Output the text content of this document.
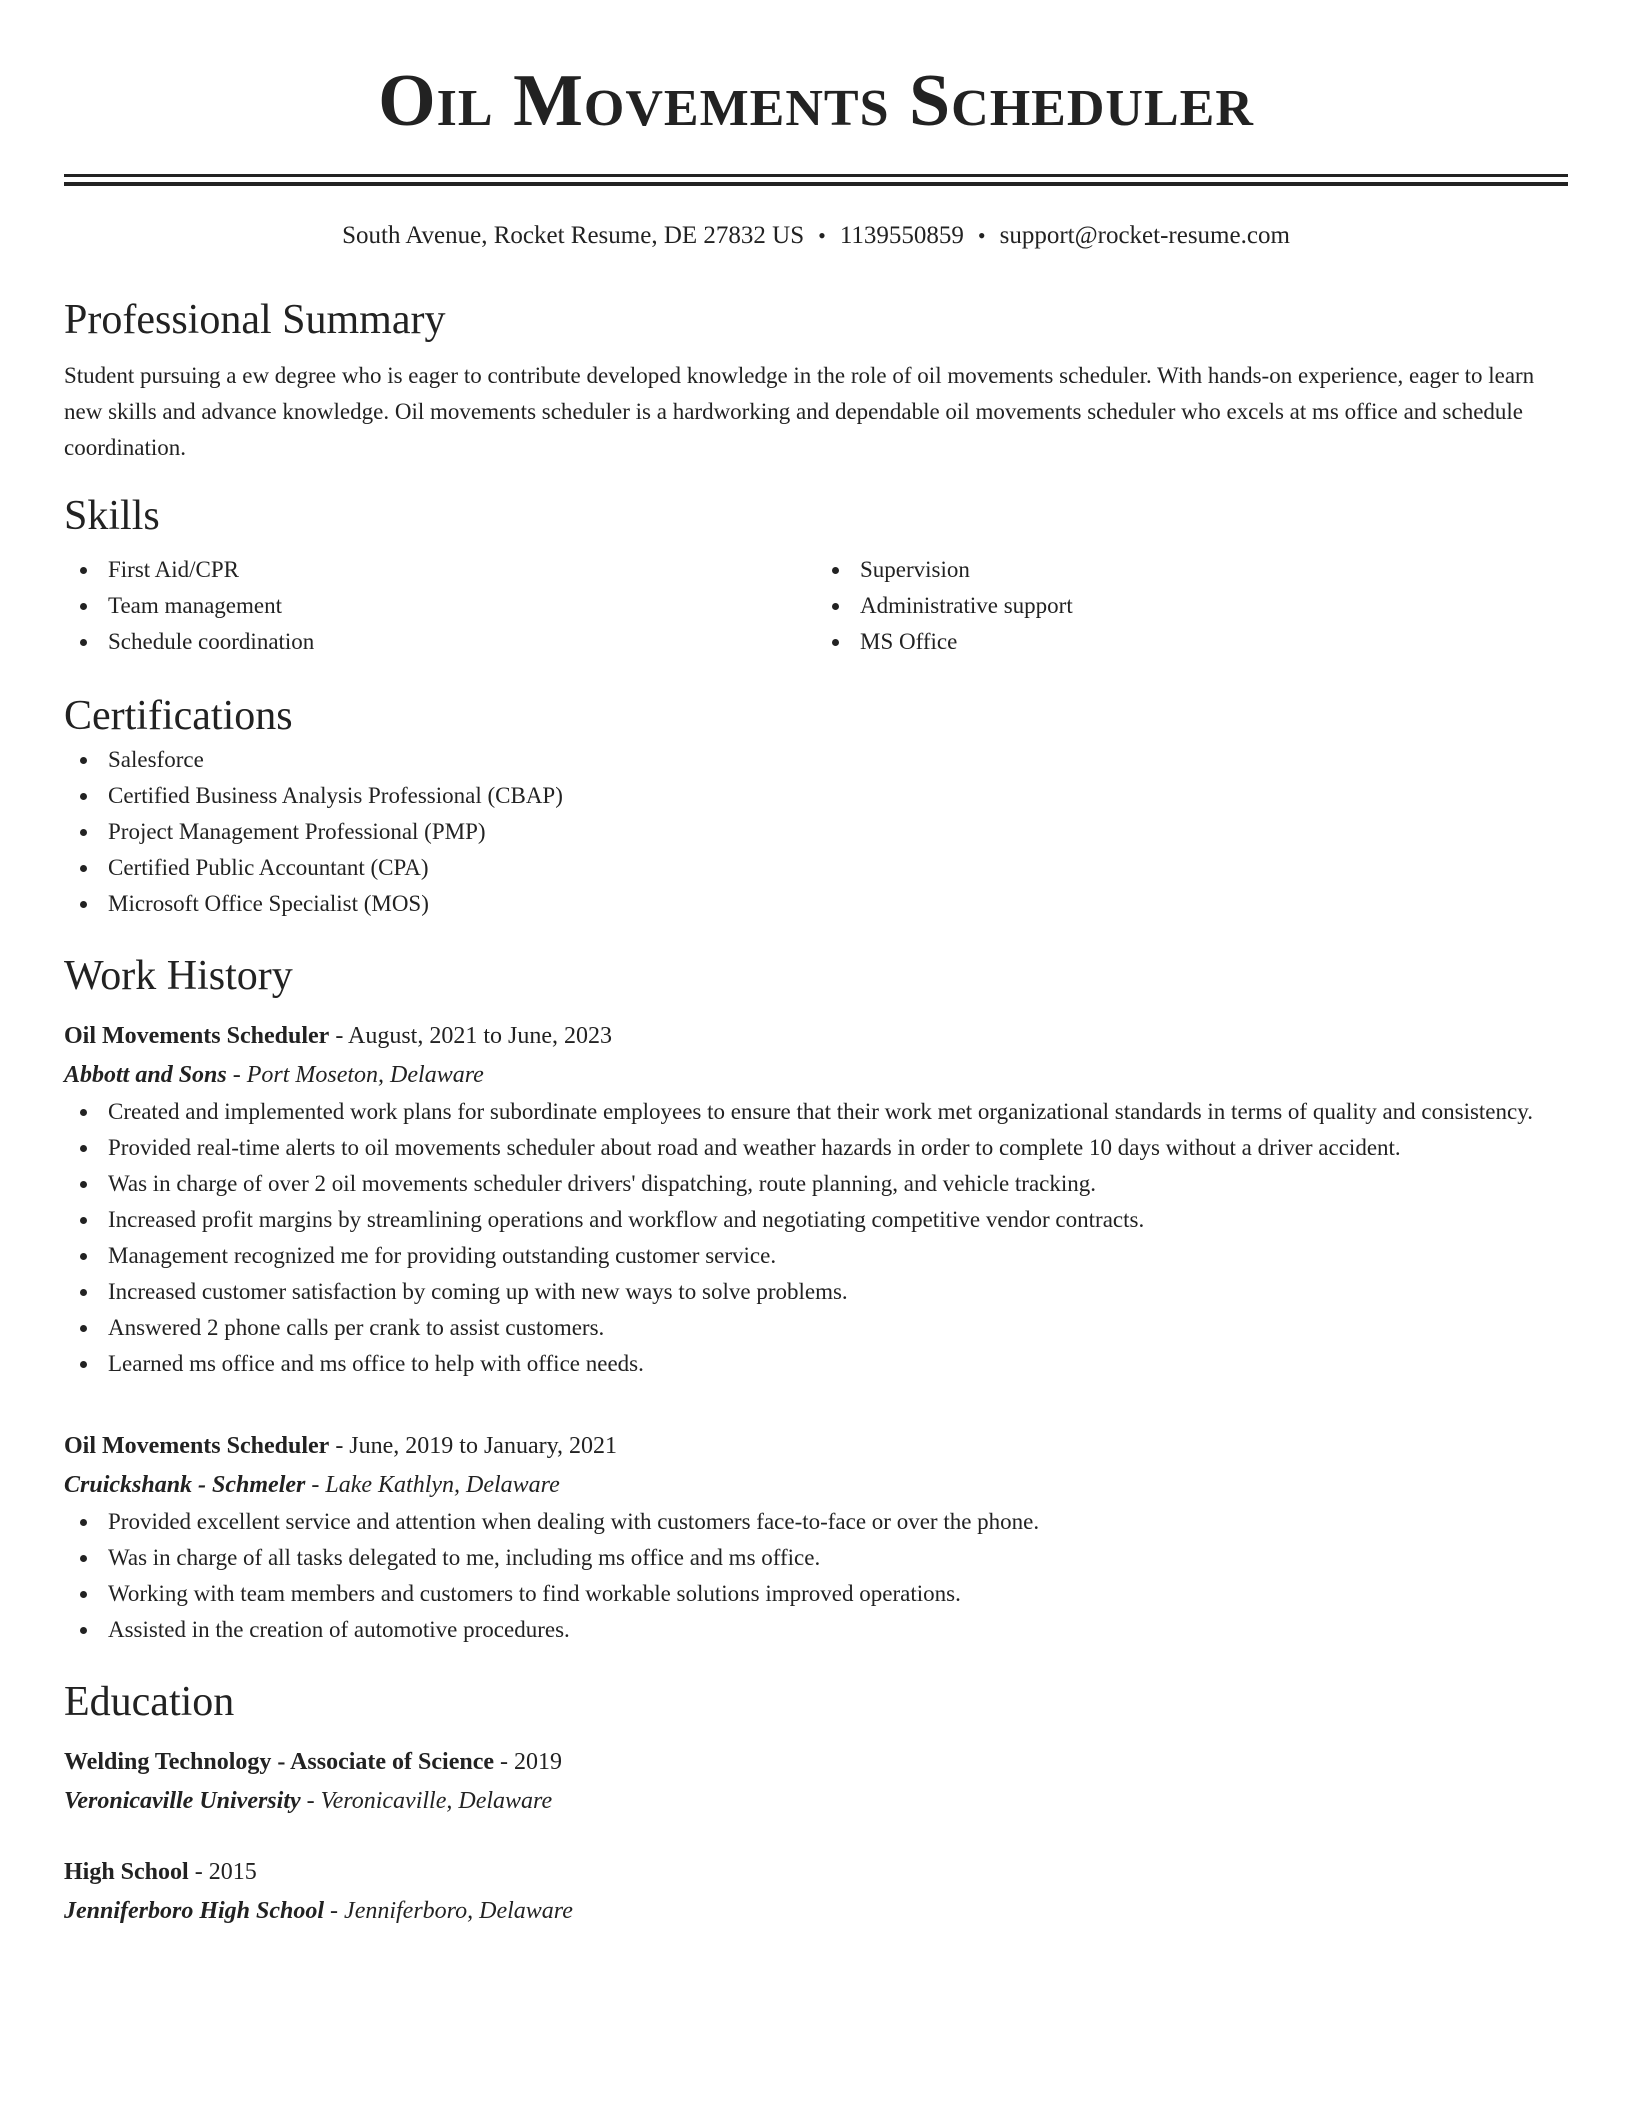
Oil Movements Scheduler
South Avenue, Rocket Resume, DE 27832 US • 1139550859 • support@rocket-resume.com
Professional Summary
Student pursuing a ew degree who is eager to contribute developed knowledge in the role of oil movements scheduler. With hands-on experience, eager to learn new skills and advance knowledge. Oil movements scheduler is a hardworking and dependable oil movements scheduler who excels at ms office and schedule coordination.
Skills
First Aid/CPR
Team management
Schedule coordination
Supervision
Administrative support
MS Office
Certifications
Salesforce
Certified Business Analysis Professional (CBAP)
Project Management Professional (PMP)
Certified Public Accountant (CPA)
Microsoft Office Specialist (MOS)
Work History
Oil Movements Scheduler - August, 2021 to June, 2023
Abbott and Sons - Port Moseton, Delaware
Created and implemented work plans for subordinate employees to ensure that their work met organizational standards in terms of quality and consistency.
Provided real-time alerts to oil movements scheduler about road and weather hazards in order to complete 10 days without a driver accident.
Was in charge of over 2 oil movements scheduler drivers' dispatching, route planning, and vehicle tracking.
Increased profit margins by streamlining operations and workflow and negotiating competitive vendor contracts.
Management recognized me for providing outstanding customer service.
Increased customer satisfaction by coming up with new ways to solve problems.
Answered 2 phone calls per crank to assist customers.
Learned ms office and ms office to help with office needs.
Oil Movements Scheduler - June, 2019 to January, 2021
Cruickshank - Schmeler - Lake Kathlyn, Delaware
Provided excellent service and attention when dealing with customers face-to-face or over the phone.
Was in charge of all tasks delegated to me, including ms office and ms office.
Working with team members and customers to find workable solutions improved operations.
Assisted in the creation of automotive procedures.
Education
Welding Technology - Associate of Science - 2019
Veronicaville University - Veronicaville, Delaware
High School - 2015
Jenniferboro High School - Jenniferboro, Delaware
